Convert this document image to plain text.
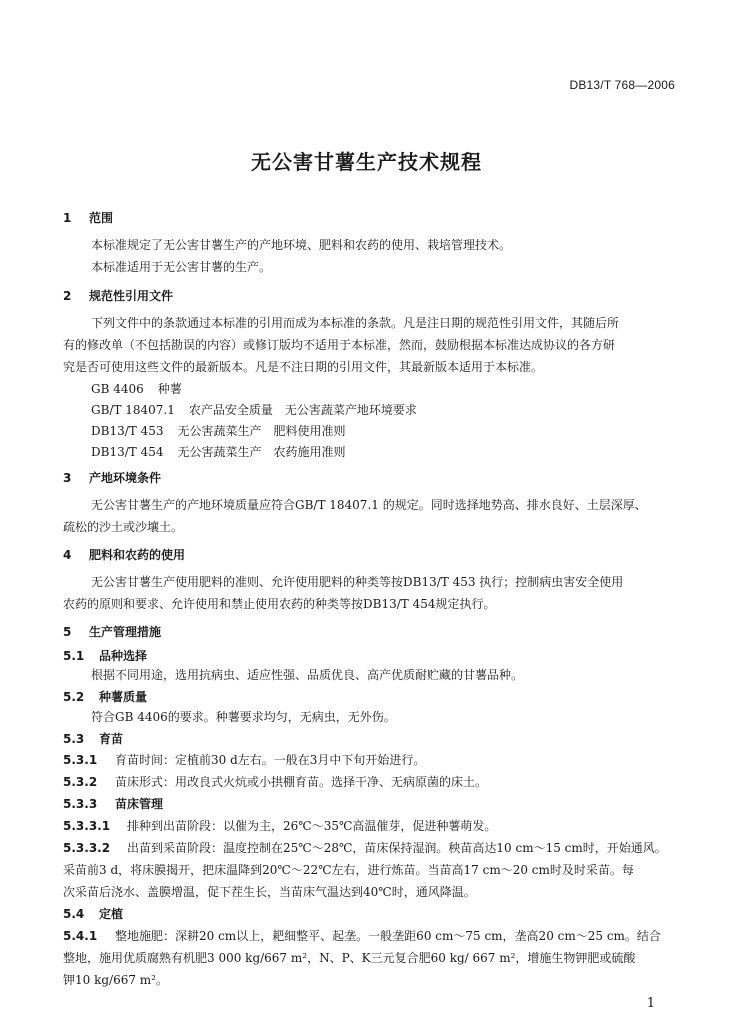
DB13/T 768—2006
无公害甘薯生产技术规程
1 范围
本标准规定了无公害甘薯生产的产地环境、肥料和农药的使用、栽培管理技术。
本标准适用于无公害甘薯的生产。
2 规范性引用文件
下列文件中的条款通过本标准的引用而成为本标准的条款。凡是注日期的规范性引用文件，其随后所
有的修改单（不包括勘误的内容）或修订版均不适用于本标准，然而，鼓励根据本标准达成协议的各方研
究是否可使用这些文件的最新版本。凡是不注日期的引用文件，其最新版本适用于本标准。
GB 4406 种薯
GB/T 18407.1 农产品安全质量　无公害蔬菜产地环境要求
DB13/T 453 无公害蔬菜生产　肥料使用准则
DB13/T 454 无公害蔬菜生产　农药施用准则
3 产地环境条件
无公害甘薯生产的产地环境质量应符合GB/T 18407.1 的规定。同时选择地势高、排水良好、土层深厚、
疏松的沙土或沙壤土。
4 肥料和农药的使用
无公害甘薯生产使用肥料的准则、允许使用肥料的种类等按DB13/T 453 执行；控制病虫害安全使用
农药的原则和要求、允许使用和禁止使用农药的种类等按DB13/T 454规定执行。
5 生产管理措施
5.1 品种选择
根据不同用途，选用抗病虫、适应性强、品质优良、高产优质耐贮藏的甘薯品种。
5.2 种薯质量
符合GB 4406的要求。种薯要求均匀，无病虫，无外伤。
5.3 育苗
5.3.1 育苗时间：定植前30 d左右。一般在3月中下旬开始进行。
5.3.2 苗床形式：用改良式火炕或小拱棚育苗。选择干净、无病原菌的床土。
5.3.3 苗床管理
5.3.3.1 排种到出苗阶段：以催为主，26℃～35℃高温催芽，促进种薯萌发。
5.3.3.2 出苗到采苗阶段：温度控制在25℃～28℃，苗床保持湿润。秧苗高达10 cm～15 cm时，开始通风。
采苗前3 d，将床膜揭开，把床温降到20℃～22℃左右，进行炼苗。当苗高17 cm～20 cm时及时采苗。每
次采苗后浇水、盖膜增温，促下茬生长，当苗床气温达到40℃时，通风降温。
5.4 定植
5.4.1 整地施肥：深耕20 cm以上，耙细整平、起垄。一般垄距60 cm～75 cm，垄高20 cm～25 cm。结合
整地，施用优质腐熟有机肥3 000 kg/667 m²，N、P、K三元复合肥60 kg/ 667 m²，增施生物钾肥或硫酸
钾10 kg/667 m²。
1
